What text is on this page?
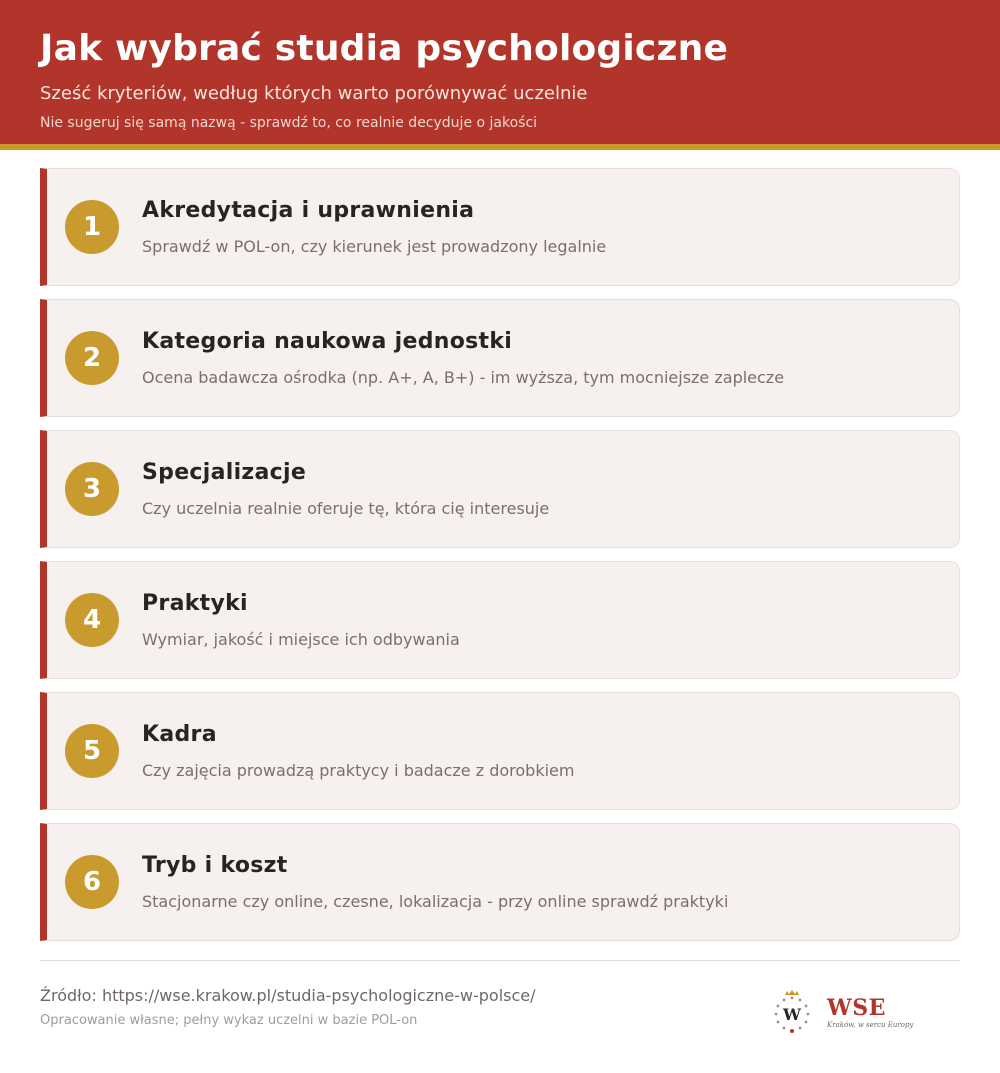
Jak wybrać studia psychologiczne
Sześć kryteriów, według których warto porównywać uczelnie
Nie sugeruj się samą nazwą - sprawdź to, co realnie decyduje o jakości
1
Akredytacja i uprawnienia
Sprawdź w POL-on, czy kierunek jest prowadzony legalnie
2
Kategoria naukowa jednostki
Ocena badawcza ośrodka (np. A+, A, B+) - im wyższa, tym mocniejsze zaplecze
3
Specjalizacje
Czy uczelnia realnie oferuje tę, która cię interesuje
4
Praktyki
Wymiar, jakość i miejsce ich odbywania
5
Kadra
Czy zajęcia prowadzą praktycy i badacze z dorobkiem
6
Tryb i koszt
Stacjonarne czy online, czesne, lokalizacja - przy online sprawdź praktyki
Źródło: https://wse.krakow.pl/studia-psychologiczne-w-polsce/
Opracowanie własne; pełny wykaz uczelni w bazie POL-on	W WSE
Kraków, w sercu Europy
